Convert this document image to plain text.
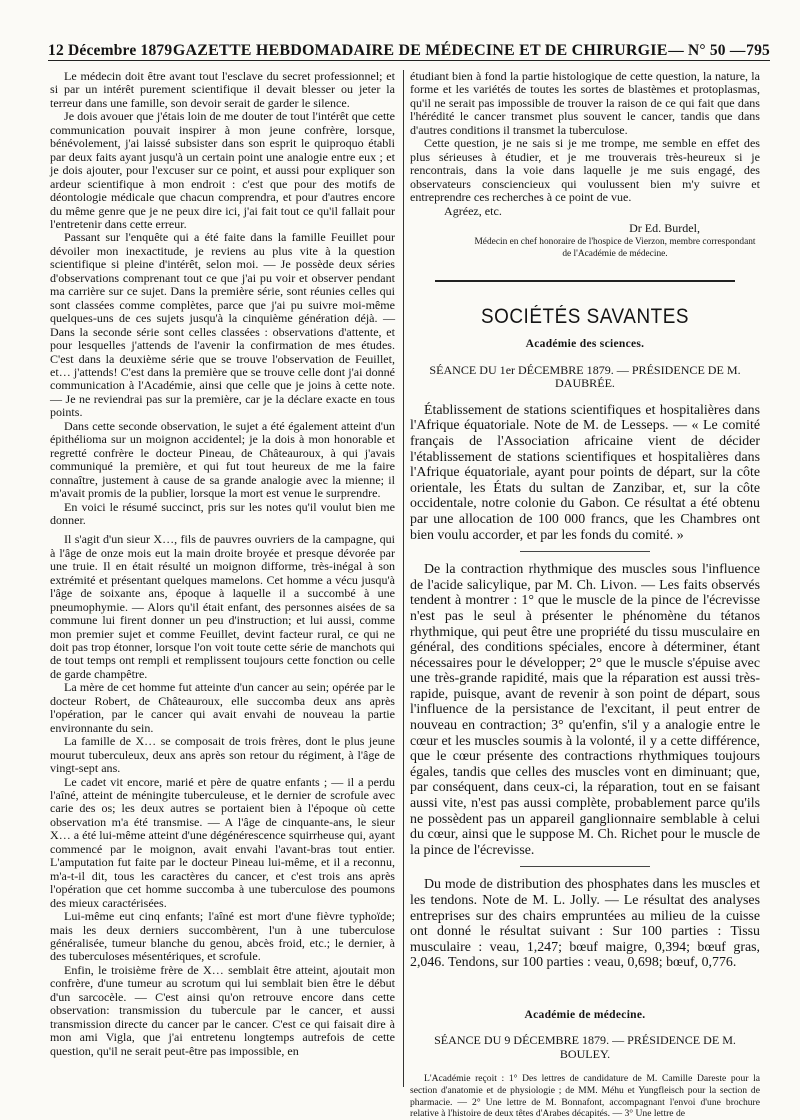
12 Décembre 1879 GAZETTE HEBDOMADAIRE DE MÉDECINE ET DE CHIRURGIE — N° 50 — 795

Le médecin doit être avant tout l'esclave du secret professionnel; et si par un intérêt purement scientifique il devait blesser ou jeter la terreur dans une famille, son devoir serait de garder le silence.

Je dois avouer que j'étais loin de me douter de tout l'intérêt que cette communication pouvait inspirer à mon jeune confrère, lorsque, bénévolement, j'ai laissé subsister dans son esprit le quiproquo établi par deux faits ayant jusqu'à un certain point une analogie entre eux ; et je dois ajouter, pour l'excuser sur ce point, et aussi pour expliquer son ardeur scientifique à mon endroit : c'est que pour des motifs de déontologie médicale que chacun comprendra, et pour d'autres encore du même genre que je ne peux dire ici, j'ai fait tout ce qu'il fallait pour l'entretenir dans cette erreur.

Passant sur l'enquête qui a été faite dans la famille Feuillet pour dévoiler mon inexactitude, je reviens au plus vite à la question scientifique si pleine d'intérêt, selon moi. — Je possède deux séries d'observations comprenant tout ce que j'ai pu voir et observer pendant ma carrière sur ce sujet. Dans la première série, sont réunies celles qui sont classées comme complètes, parce que j'ai pu suivre moi-même quelques-uns de ces sujets jusqu'à la cinquième génération déjà. — Dans la seconde série sont celles classées : observations d'attente, et pour lesquelles j'attends de l'avenir la confirmation de mes études. C'est dans la deuxième série que se trouve l'observation de Feuillet, et… j'attends! C'est dans la première que se trouve celle dont j'ai donné communication à l'Académie, ainsi que celle que je joins à cette note. — Je ne reviendrai pas sur la première, car je la déclare exacte en tous points.

Dans cette seconde observation, le sujet a été également atteint d'un épithélioma sur un moignon accidentel; je la dois à mon honorable et regretté confrère le docteur Pineau, de Châteauroux, à qui j'avais communiqué la première, et qui fut tout heureux de me la faire connaître, justement à cause de sa grande analogie avec la mienne; il m'avait promis de la publier, lorsque la mort est venue le surprendre.

En voici le résumé succinct, pris sur les notes qu'il voulut bien me donner.

Il s'agit d'un sieur X…, fils de pauvres ouvriers de la campagne, qui à l'âge de onze mois eut la main droite broyée et presque dévorée par une truie. Il en était résulté un moignon difforme, très-inégal à son extrémité et présentant quelques mamelons. Cet homme a vécu jusqu'à l'âge de soixante ans, époque à laquelle il a succombé à une pneumophymie. — Alors qu'il était enfant, des personnes aisées de sa commune lui firent donner un peu d'instruction; et lui aussi, comme mon premier sujet et comme Feuillet, devint facteur rural, ce qui ne doit pas trop étonner, lorsque l'on voit toute cette série de manchots qui de tout temps ont rempli et remplissent toujours cette fonction ou celle de garde champêtre.

La mère de cet homme fut atteinte d'un cancer au sein; opérée par le docteur Robert, de Châteauroux, elle succomba deux ans après l'opération, par le cancer qui avait envahi de nouveau la partie environnante du sein.

La famille de X… se composait de trois frères, dont le plus jeune mourut tuberculeux, deux ans après son retour du régiment, à l'âge de vingt-sept ans.

Le cadet vit encore, marié et père de quatre enfants ; — il a perdu l'aîné, atteint de méningite tuberculeuse, et le dernier de scrofule avec carie des os; les deux autres se portaient bien à l'époque où cette observation m'a été transmise. — A l'âge de cinquante-ans, le sieur X… a été lui-même atteint d'une dégénérescence squirrheuse qui, ayant commencé par le moignon, avait envahi l'avant-bras tout entier. L'amputation fut faite par le docteur Pineau lui-même, et il a reconnu, m'a-t-il dit, tous les caractères du cancer, et c'est trois ans après l'opération que cet homme succomba à une tuberculose des poumons des mieux caractérisées.

Lui-même eut cinq enfants; l'aîné est mort d'une fièvre typhoïde; mais les deux derniers succombèrent, l'un à une tuberculose généralisée, tumeur blanche du genou, abcès froid, etc.; le dernier, à des tuberculoses mésentériques, et scrofule.

Enfin, le troisième frère de X… semblait être atteint, ajoutait mon confrère, d'une tumeur au scrotum qui lui semblait bien être le début d'un sarcocèle. — C'est ainsi qu'on retrouve encore dans cette observation: transmission du tubercule par le cancer, et aussi transmission directe du cancer par le cancer. C'est ce qui faisait dire à mon ami Vigla, que j'ai entretenu longtemps autrefois de cette question, qu'il ne serait peut-être pas impossible, en

étudiant bien à fond la partie histologique de cette question, la nature, la forme et les variétés de toutes les sortes de blastèmes et protoplasmas, qu'il ne serait pas impossible de trouver la raison de ce qui fait que dans l'hérédité le cancer transmet plus souvent le cancer, tandis que dans d'autres conditions il transmet la tuberculose.

Cette question, je ne sais si je me trompe, me semble en effet des plus sérieuses à étudier, et je me trouverais très-heureux si je rencontrais, dans la voie dans laquelle je me suis engagé, des observateurs consciencieux qui voulussent bien m'y suivre et entreprendre ces recherches à ce point de vue.

Agréez, etc.

Dr Ed. Burdel,
Médecin en chef honoraire de l'hospice de Vierzon, membre correspondant de l'Académie de médecine.
SOCIÉTÉS SAVANTES
Académie des sciences.
SÉANCE DU 1er DÉCEMBRE 1879. — PRÉSIDENCE DE M. DAUBRÉE.

Établissement de stations scientifiques et hospitalières dans l'Afrique équatoriale. Note de M. de Lesseps. — « Le comité français de l'Association africaine vient de décider l'établissement de stations scientifiques et hospitalières dans l'Afrique équatoriale, ayant pour points de départ, sur la côte orientale, les États du sultan de Zanzibar, et, sur la côte occidentale, notre colonie du Gabon. Ce résultat a été obtenu par une allocation de 100 000 francs, que les Chambres ont bien voulu accorder, et par les fonds du comité. »

De la contraction rhythmique des muscles sous l'influence de l'acide salicylique, par M. Ch. Livon. — Les faits observés tendent à montrer : 1° que le muscle de la pince de l'écrevisse n'est pas le seul à présenter le phénomène du tétanos rhythmique, qui peut être une propriété du tissu musculaire en général, des conditions spéciales, encore à déterminer, étant nécessaires pour le développer; 2° que le muscle s'épuise avec une très-grande rapidité, mais que la réparation est aussi très-rapide, puisque, avant de revenir à son point de départ, sous l'influence de la persistance de l'excitant, il peut entrer de nouveau en contraction; 3° qu'enfin, s'il y a analogie entre le cœur et les muscles soumis à la volonté, il y a cette différence, que le cœur présente des contractions rhythmiques toujours égales, tandis que celles des muscles vont en diminuant; que, par conséquent, dans ceux-ci, la réparation, tout en se faisant aussi vite, n'est pas aussi complète, probablement parce qu'ils ne possèdent pas un appareil ganglionnaire semblable à celui du cœur, ainsi que le suppose M. Ch. Richet pour le muscle de la pince de l'écrevisse.

Du mode de distribution des phosphates dans les muscles et les tendons. Note de M. L. Jolly. — Le résultat des analyses entreprises sur des chairs empruntées au milieu de la cuisse ont donné le résultat suivant : Sur 100 parties : Tissu musculaire : veau, 1,247; bœuf maigre, 0,394; bœuf gras, 2,046. Tendons, sur 100 parties : veau, 0,698; bœuf, 0,776.

Académie de médecine.
SÉANCE DU 9 DÉCEMBRE 1879. — PRÉSIDENCE DE M. BOULEY.

L'Académie reçoit : 1° Des lettres de candidature de M. Camille Dareste pour la section d'anatomie et de physiologie ; de MM. Méhu et Yungfleisch pour la section de pharmacie. — 2° Une lettre de M. Bonnafont, accompagnant l'envoi d'une brochure relative à l'histoire de deux têtes d'Arabes décapités. — 3° Une lettre de
